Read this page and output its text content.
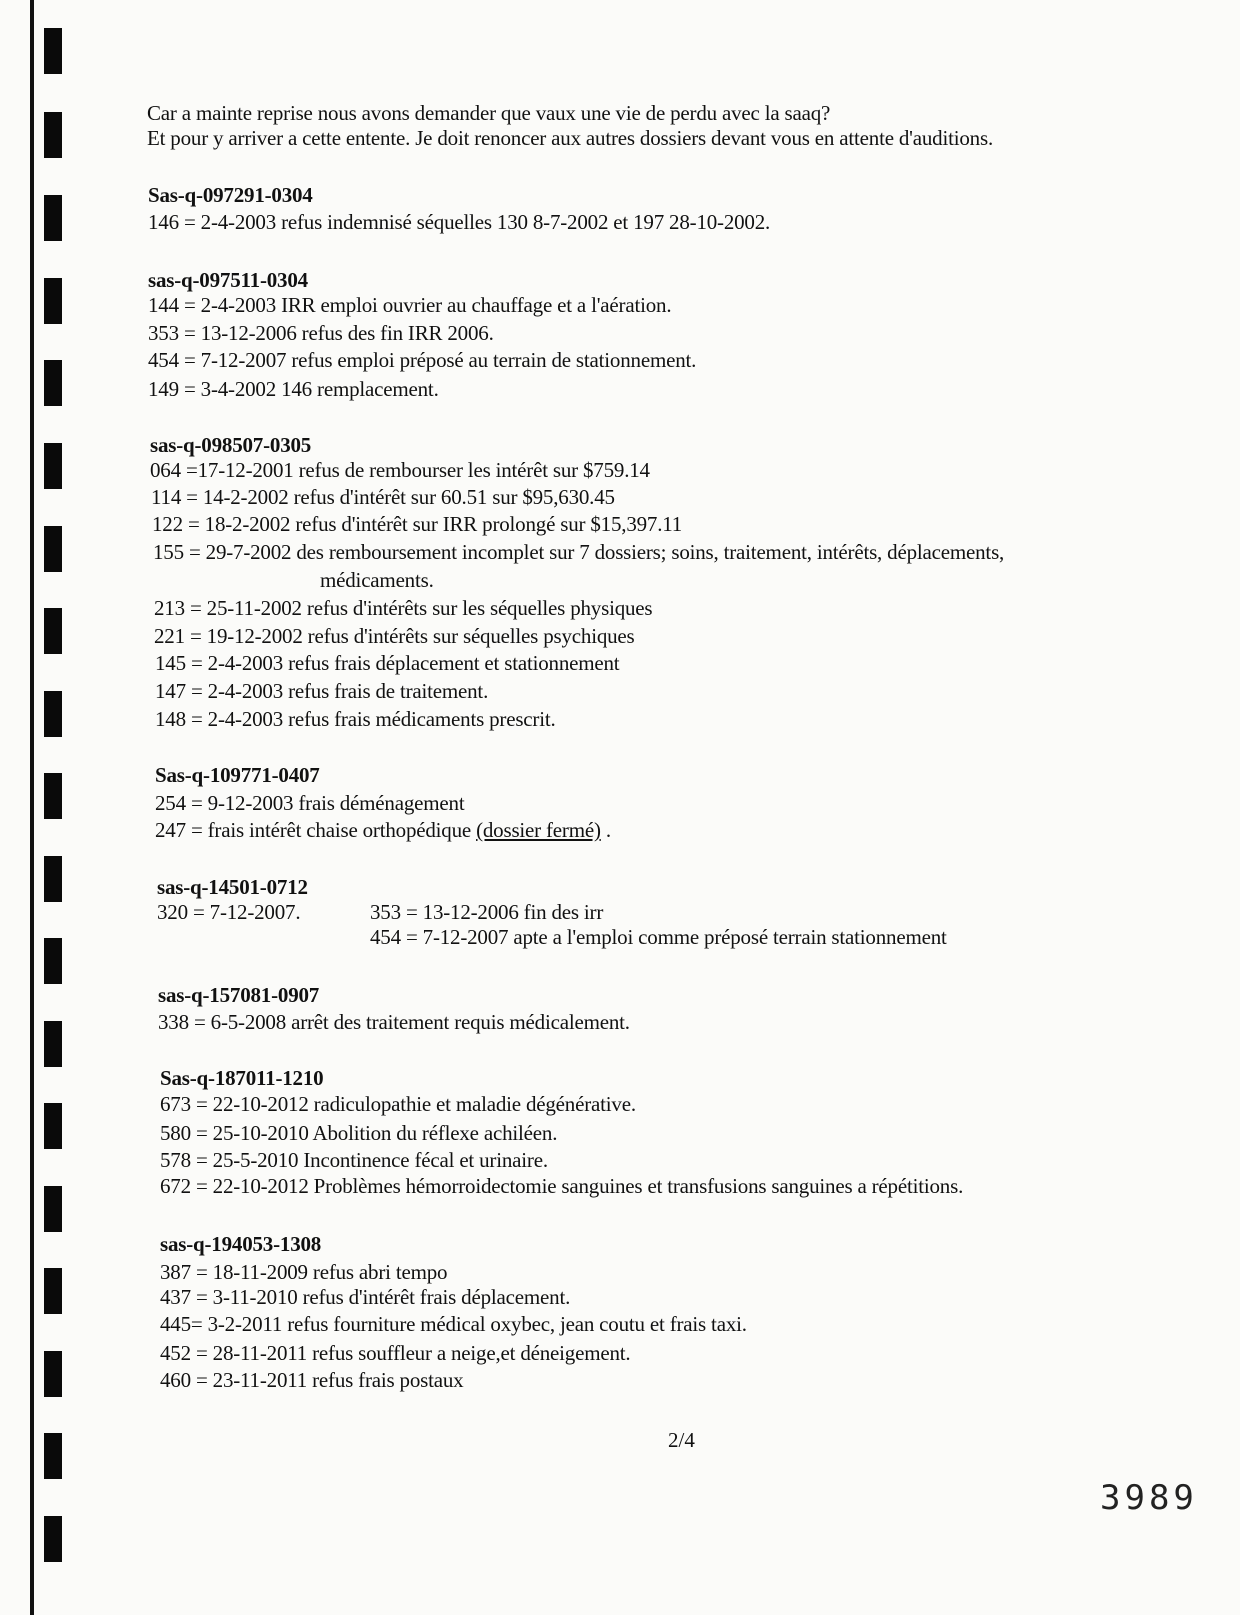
Car a mainte reprise nous avons demander que vaux une vie de perdu avec la saaq?
Et pour y arriver a cette entente. Je doit renoncer aux autres dossiers devant vous en attente d'auditions.
Sas-q-097291-0304
146 = 2-4-2003 refus indemnisé séquelles 130 8-7-2002 et 197 28-10-2002.
sas-q-097511-0304
144 = 2-4-2003 IRR emploi ouvrier au chauffage et a l'aération.
353 = 13-12-2006 refus des fin IRR 2006.
454 = 7-12-2007 refus emploi préposé au terrain de stationnement.
149 = 3-4-2002 146 remplacement.
sas-q-098507-0305
064 =17-12-2001 refus de rembourser les intérêt sur $759.14
114 = 14-2-2002 refus d'intérêt sur 60.51 sur $95,630.45
122 = 18-2-2002 refus d'intérêt sur IRR prolongé sur $15,397.11
155 = 29-7-2002 des remboursement incomplet sur 7 dossiers; soins, traitement, intérêts, déplacements,
médicaments.
213 = 25-11-2002 refus d'intérêts sur les séquelles physiques
221 = 19-12-2002 refus d'intérêts sur séquelles psychiques
145 = 2-4-2003 refus frais déplacement et stationnement
147 = 2-4-2003 refus frais de traitement.
148 = 2-4-2003 refus frais médicaments prescrit.
Sas-q-109771-0407
254 = 9-12-2003 frais déménagement
247 = frais intérêt chaise orthopédique (dossier fermé) .
sas-q-14501-0712
320 = 7-12-2007.	353 = 13-12-2006 fin des irr
454 = 7-12-2007 apte a l'emploi comme préposé terrain stationnement
sas-q-157081-0907
338 = 6-5-2008 arrêt des traitement requis médicalement.
Sas-q-187011-1210
673 = 22-10-2012 radiculopathie et maladie dégénérative.
580 = 25-10-2010 Abolition du réflexe achiléen.
578 = 25-5-2010 Incontinence fécal et urinaire.
672 = 22-10-2012 Problèmes hémorroidectomie sanguines et transfusions sanguines a répétitions.
sas-q-194053-1308
387 = 18-11-2009 refus abri tempo
437 = 3-11-2010 refus d'intérêt frais déplacement.
445= 3-2-2011 refus fourniture médical oxybec, jean coutu et frais taxi.
452 = 28-11-2011 refus souffleur a neige,et déneigement.
460 = 23-11-2011 refus frais postaux
2/4
3989
